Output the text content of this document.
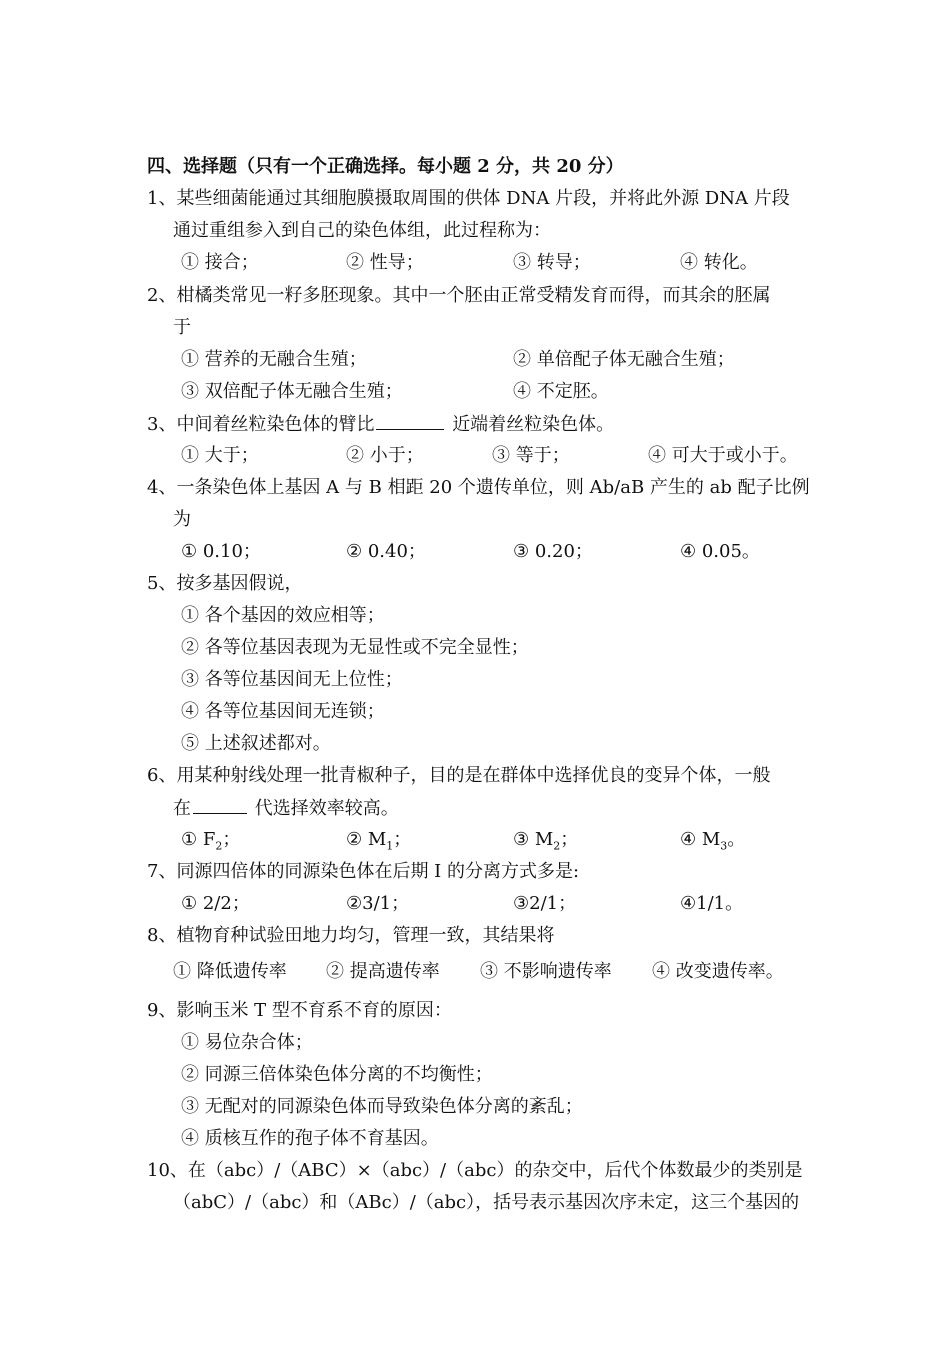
四、选择题（只有一个正确选择。每小题 2 分，共 20 分）
1、某些细菌能通过其细胞膜摄取周围的供体 DNA 片段，并将此外源 DNA 片段
通过重组参入到自己的染色体组，此过程称为：
① 接合；	② 性导；	③ 转导；	④ 转化。
2、柑橘类常见一籽多胚现象。其中一个胚由正常受精发育而得，而其余的胚属
于
① 营养的无融合生殖；	② 单倍配子体无融合生殖；
③ 双倍配子体无融合生殖；	④ 不定胚。
3、中间着丝粒染色体的臂比	近端着丝粒染色体。
① 大于；	② 小于；	③ 等于；	④ 可大于或小于。
4、一条染色体上基因 A 与 B 相距 20 个遗传单位，则 Ab/aB 产生的 ab 配子比例
为
① 0.10；	② 0.40；	③ 0.20；	④ 0.05。
5、按多基因假说，
① 各个基因的效应相等；
② 各等位基因表现为无显性或不完全显性；
③ 各等位基因间无上位性；
④ 各等位基因间无连锁；
⑤ 上述叙述都对。
6、用某种射线处理一批青椒种子，目的是在群体中选择优良的变异个体，一般
在	代选择效率较高。
① $F_2$；	② $M_1$；	③ $M_2$；	④ $M_3$。
7、同源四倍体的同源染色体在后期 I 的分离方式多是:
① 2/2；	②3/1；	③2/1；	④1/1。
8、植物育种试验田地力均匀，管理一致，其结果将
① 降低遗传率 ② 提高遗传率 ③ 不影响遗传率 ④ 改变遗传率。
9、影响玉米 T 型不育系不育的原因：
① 易位杂合体；
② 同源三倍体染色体分离的不均衡性；
③ 无配对的同源染色体而导致染色体分离的紊乱；
④ 质核互作的孢子体不育基因。
10、在（abc）/（ABC）×（abc）/（abc）的杂交中，后代个体数最少的类别是
（abC）/（abc）和（ABc）/（abc），括号表示基因次序未定，这三个基因的
